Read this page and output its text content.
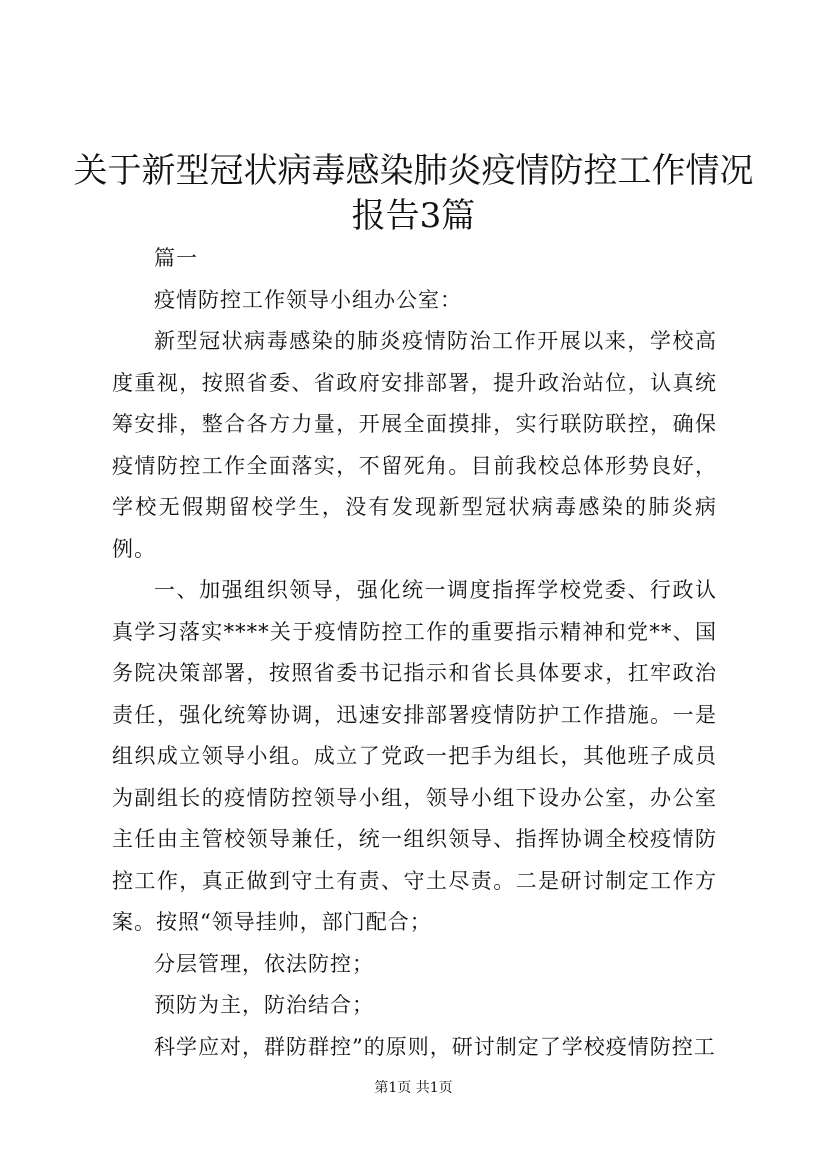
关于新型冠状病毒感染肺炎疫情防控工作情况
报告3篇

篇一

疫情防控工作领导小组办公室：

新型冠状病毒感染的肺炎疫情防治工作开展以来，学校高度重视，按照省委、省政府安排部署，提升政治站位，认真统筹安排，整合各方力量，开展全面摸排，实行联防联控，确保疫情防控工作全面落实，不留死角。目前我校总体形势良好，学校无假期留校学生，没有发现新型冠状病毒感染的肺炎病例。

一、加强组织领导，强化统一调度指挥学校党委、行政认真学习落实****关于疫情防控工作的重要指示精神和党**、国务院决策部署，按照省委书记指示和省长具体要求，扛牢政治责任，强化统筹协调，迅速安排部署疫情防护工作措施。一是组织成立领导小组。成立了党政一把手为组长，其他班子成员为副组长的疫情防控领导小组，领导小组下设办公室，办公室主任由主管校领导兼任，统一组织领导、指挥协调全校疫情防控工作，真正做到守土有责、守土尽责。二是研讨制定工作方案。按照“领导挂帅，部门配合；

分层管理，依法防控；

预防为主，防治结合；

科学应对，群防群控”的原则，研讨制定了学校疫情防控工

第1页 共1页
